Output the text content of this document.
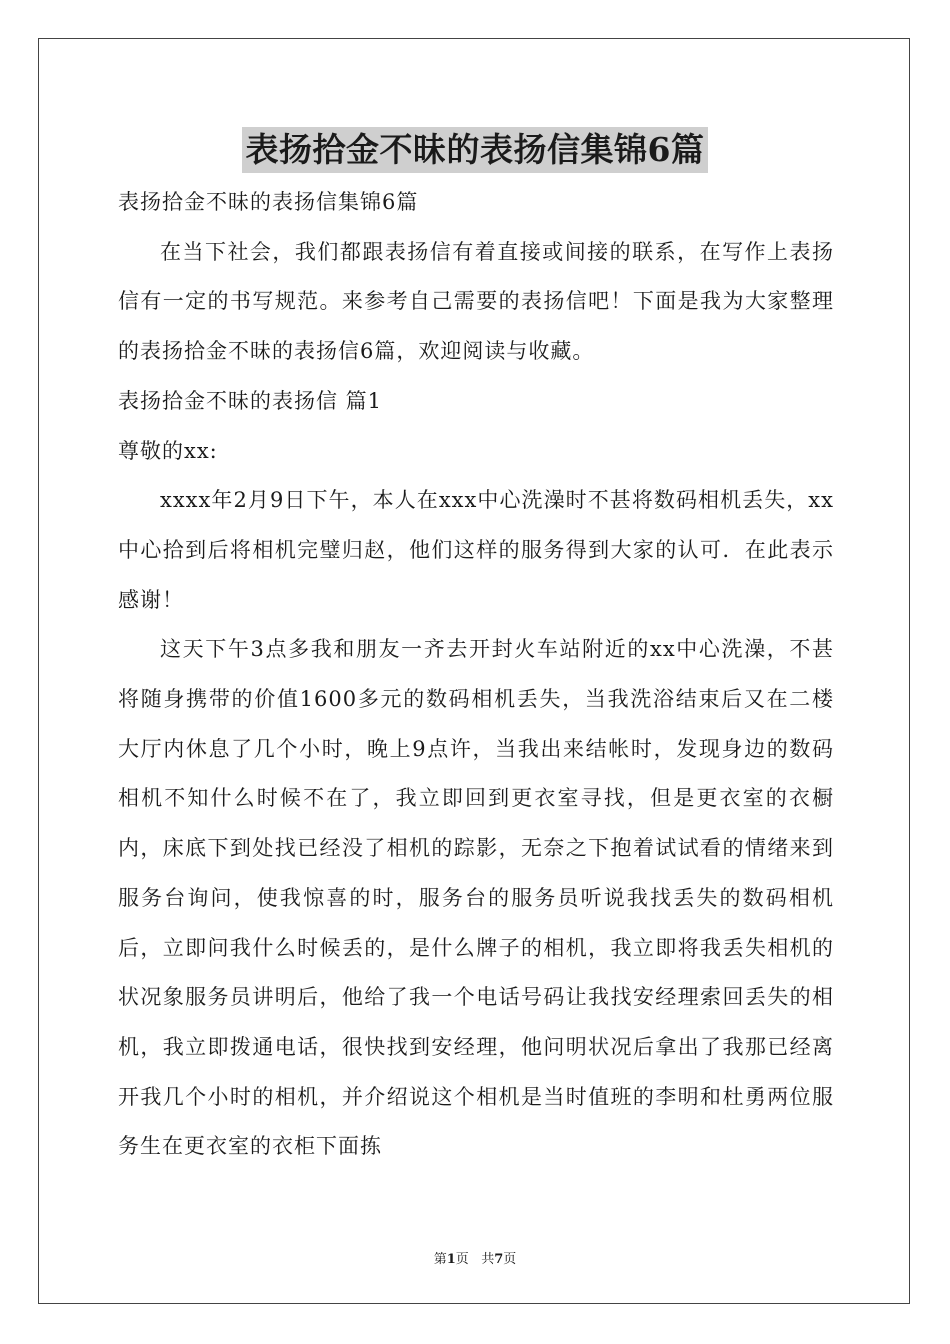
表扬拾金不昧的表扬信集锦6篇

表扬拾金不昧的表扬信集锦6篇

在当下社会，我们都跟表扬信有着直接或间接的联系，在写作上表扬信有一定的书写规范。来参考自己需要的表扬信吧！下面是我为大家整理的表扬拾金不昧的表扬信6篇，欢迎阅读与收藏。

表扬拾金不昧的表扬信 篇1

尊敬的xx:

xxxx年2月9日下午，本人在xxx中心洗澡时不甚将数码相机丢失，xx中心拾到后将相机完璧归赵，他们这样的服务得到大家的认可．在此表示感谢！

这天下午3点多我和朋友一齐去开封火车站附近的xx中心洗澡，不甚将随身携带的价值1600多元的数码相机丢失，当我洗浴结束后又在二楼大厅内休息了几个小时，晚上9点许，当我出来结帐时，发现身边的数码相机不知什么时候不在了，我立即回到更衣室寻找，但是更衣室的衣橱内，床底下到处找已经没了相机的踪影，无奈之下抱着试试看的情绪来到服务台询问，使我惊喜的时，服务台的服务员听说我找丢失的数码相机后，立即问我什么时候丢的，是什么牌子的相机，我立即将我丢失相机的状况象服务员讲明后，他给了我一个电话号码让我找安经理索回丢失的相机，我立即拨通电话，很快找到安经理，他问明状况后拿出了我那已经离开我几个小时的相机，并介绍说这个相机是当时值班的李明和杜勇两位服务生在更衣室的衣柜下面拣

第1页 共7页
